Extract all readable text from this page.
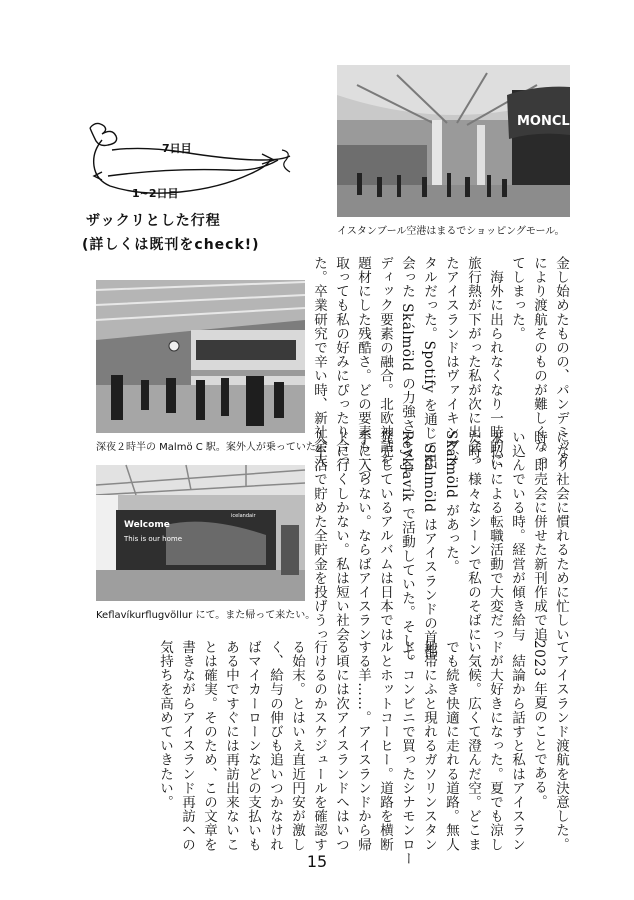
7日目
1~2日目
ザックリとした行程
(詳しくは既刊をcheck!)
MONCLE
イスタンブール空港はまるでショッピングモール。
深夜２時半の Malmö C 駅。案外人が乗っていた。
Welcome
This is our home
icelandair
Keflavíkurflugvöllur にて。また帰って来たい。

金し始めたものの、パンデミック

により渡航そのものが難しくなっ

てしまった。

　海外に出られなくなり一時的に

旅行熱が下がった私が次に出会っ

たアイスランドはヴァイキングメ

タルだった。Spotify を通じて出

会った Skálmöld の力強さとメロ

ディック要素の融合。北欧神話を

題材にした残酷さ。どの要素も一つ

取っても私の好みにぴったり合っ

た。卒業研究で辛い時、新社会人

になり社会に慣れるために忙しい

時。即売会に併せた新刊作成で追

い込んでいる時。経営が傾き給与

未払いによる転職活動で大変だっ

た時。様々なシーンで私のそばに

Skálmöld があった。

　Skálmöld はアイスランドの首都

Reykjavík で活動していた。そして

発売しているアルバムは日本では

手に入らない。ならばアイスラン

ドに行くしかない。私は短い社会

人生活で貯めた全貯金を投げうっ

てアイスランド渡航を決意した。

2023 年夏のことである。

　結論から話すと私はアイスラン

ドが大好きになった。夏でも涼し

い気候。広くて澄んだ空。どこま

でも続き快適に走れる道路。無人

地帯にふと現れるガソリンスタン

ド。コンビニで買ったシナモンロー

ルとホットコーヒー。道路を横断

する羊……。アイスランドから帰

る頃には次アイスランドへはいつ

行けるのかスケジュールを確認す

る始末。とはいえ直近円安が激し

く、給与の伸びも追いつかなけれ

ばマイカーローンなどの支払いも

ある中ですぐには再訪出来ないこ

とは確実。そのため、この文章を

書きながらアイスランド再訪への

気持ちを高めていきたい。

15
